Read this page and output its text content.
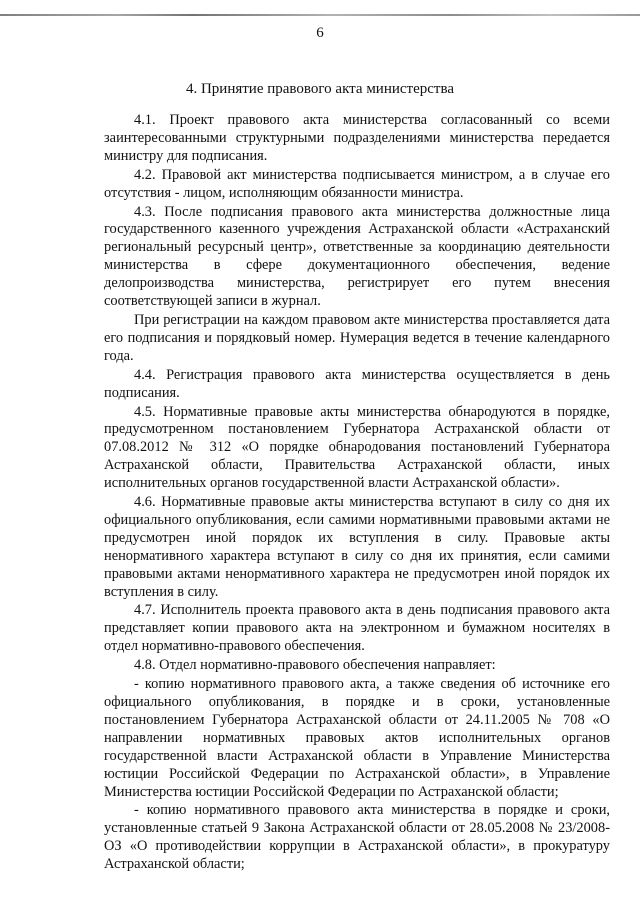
6
4. Принятие правового акта министерства

4.1. Проект правового акта министерства согласованный со всеми заинтересованными структурными подразделениями министерства передается министру для подписания.

4.2. Правовой акт министерства подписывается министром, а в случае его отсутствия - лицом, исполняющим обязанности министра.

4.3. После подписания правового акта министерства должностные лица государственного казенного учреждения Астраханской области «Астраханский региональный ресурсный центр», ответственные за координацию деятельности министерства в сфере документационного обеспечения, ведение делопроизводства министерства, регистрирует его путем внесения соответствующей записи в журнал.

При регистрации на каждом правовом акте министерства проставляется дата его подписания и порядковый номер. Нумерация ведется в течение календарного года.

4.4. Регистрация правового акта министерства осуществляется в день подписания.

4.5. Нормативные правовые акты министерства обнародуются в порядке, предусмотренном постановлением Губернатора Астраханской области от 07.08.2012 № 312 «О порядке обнародования постановлений Губернатора Астраханской области, Правительства Астраханской области, иных исполнительных органов государственной власти Астраханской области».

4.6. Нормативные правовые акты министерства вступают в силу со дня их официального опубликования, если самими нормативными правовыми актами не предусмотрен иной порядок их вступления в силу. Правовые акты ненормативного характера вступают в силу со дня их принятия, если самими правовыми актами ненормативного характера не предусмотрен иной порядок их вступления в силу.

4.7. Исполнитель проекта правового акта в день подписания правового акта представляет копии правового акта на электронном и бумажном носителях в отдел нормативно-правового обеспечения.

4.8. Отдел нормативно-правового обеспечения направляет:

- копию нормативного правового акта, а также сведения об источнике его официального опубликования, в порядке и в сроки, установленные постановлением Губернатора Астраханской области от 24.11.2005 № 708 «О направлении нормативных правовых актов исполнительных органов государственной власти Астраханской области в Управление Министерства юстиции Российской Федерации по Астраханской области», в Управление Министерства юстиции Российской Федерации по Астраханской области;

- копию нормативного правового акта министерства в порядке и сроки, установленные статьей 9 Закона Астраханской области от 28.05.2008 № 23/2008-ОЗ «О противодействии коррупции в Астраханской области», в прокуратуру Астраханской области;
